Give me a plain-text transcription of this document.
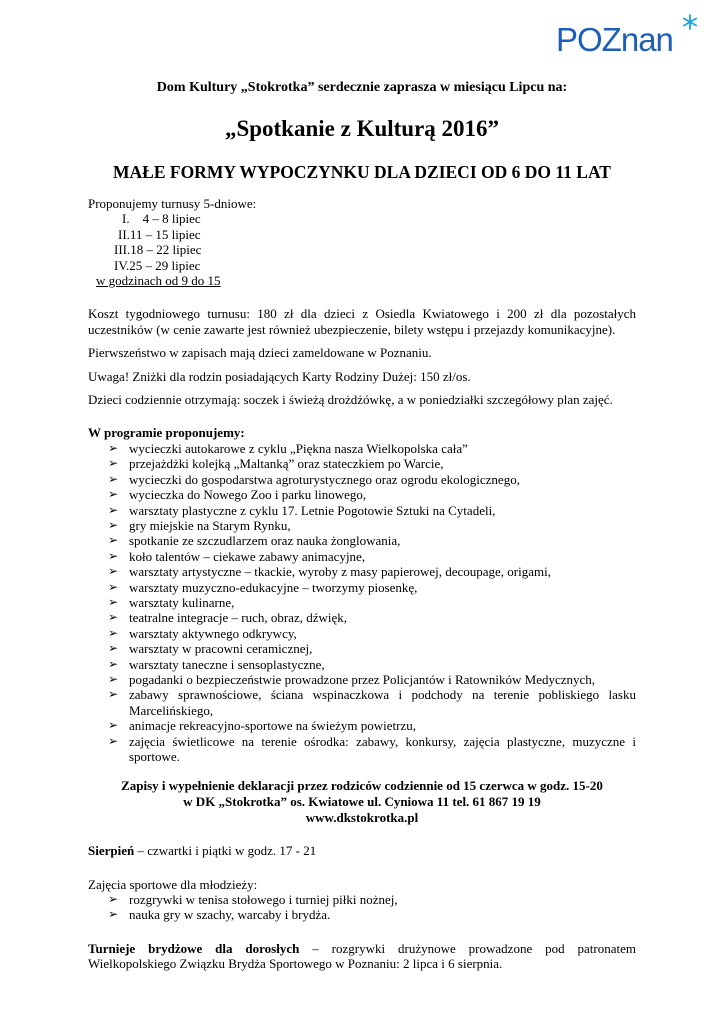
POZnan
Dom Kultury „Stokrotka” serdecznie zaprasza w miesiącu Lipcu na:
„Spotkanie z Kulturą 2016”
MAŁE FORMY WYPOCZYNKU DLA DZIECI OD 6 DO 11 LAT

Proponujemy turnusy 5-dniowe:

I.    4 – 8 lipiec
II.11 – 15 lipiec
III.18 – 22 lipiec
IV.25 – 29 lipiec

w godzinach od 9 do 15

Koszt tygodniowego turnusu: 180 zł dla dzieci z Osiedla Kwiatowego i 200 zł dla pozostałych uczestników (w cenie zawarte jest również ubezpieczenie, bilety wstępu i przejazdy komunikacyjne).

Pierwszeństwo w zapisach mają dzieci zameldowane w Poznaniu.

Uwaga! Zniżki dla rodzin posiadających Karty Rodziny Dużej: 150 zł/os.

Dzieci codziennie otrzymają: soczek i świeżą drożdżówkę, a w poniedziałki szczegółowy plan zajęć.

W programie proponujemy:

➢ wycieczki autokarowe z cyklu „Piękna nasza Wielkopolska cała”
➢ przejażdżki kolejką „Maltanką” oraz stateczkiem po Warcie,
➢ wycieczki do gospodarstwa agroturystycznego oraz ogrodu ekologicznego,
➢ wycieczka do Nowego Zoo i parku linowego,
➢ warsztaty plastyczne z cyklu 17. Letnie Pogotowie Sztuki na Cytadeli,
➢ gry miejskie na Starym Rynku,
➢ spotkanie ze szczudlarzem oraz nauka żonglowania,
➢ koło talentów – ciekawe zabawy animacyjne,
➢ warsztaty artystyczne – tkackie, wyroby z masy papierowej, decoupage, origami,
➢ warsztaty muzyczno-edukacyjne – tworzymy piosenkę,
➢ warsztaty kulinarne,
➢ teatralne integracje – ruch, obraz, dźwięk,
➢ warsztaty aktywnego odkrywcy,
➢ warsztaty w pracowni ceramicznej,
➢ warsztaty taneczne i sensoplastyczne,
➢ pogadanki o bezpieczeństwie prowadzone przez Policjantów i Ratowników Medycznych,
➢ zabawy sprawnościowe, ściana wspinaczkowa i podchody na terenie pobliskiego lasku Marcelińskiego,
➢ animacje rekreacyjno-sportowe na świeżym powietrzu,
➢ zajęcia świetlicowe na terenie ośrodka: zabawy, konkursy, zajęcia plastyczne, muzyczne i sportowe.
Zapisy i wypełnienie deklaracji przez rodziców codziennie od 15 czerwca w godz. 15-20
w DK „Stokrotka” os. Kwiatowe ul. Cyniowa 11 tel. 61 867 19 19
www.dkstokrotka.pl

Sierpień – czwartki i piątki w godz. 17 - 21

Zajęcia sportowe dla młodzieży:

➢ rozgrywki w tenisa stołowego i turniej piłki nożnej,
➢ nauka gry w szachy, warcaby i brydża.

Turnieje brydżowe dla dorosłych – rozgrywki drużynowe prowadzone pod patronatem Wielkopolskiego Związku Brydża Sportowego w Poznaniu: 2 lipca i 6 sierpnia.
